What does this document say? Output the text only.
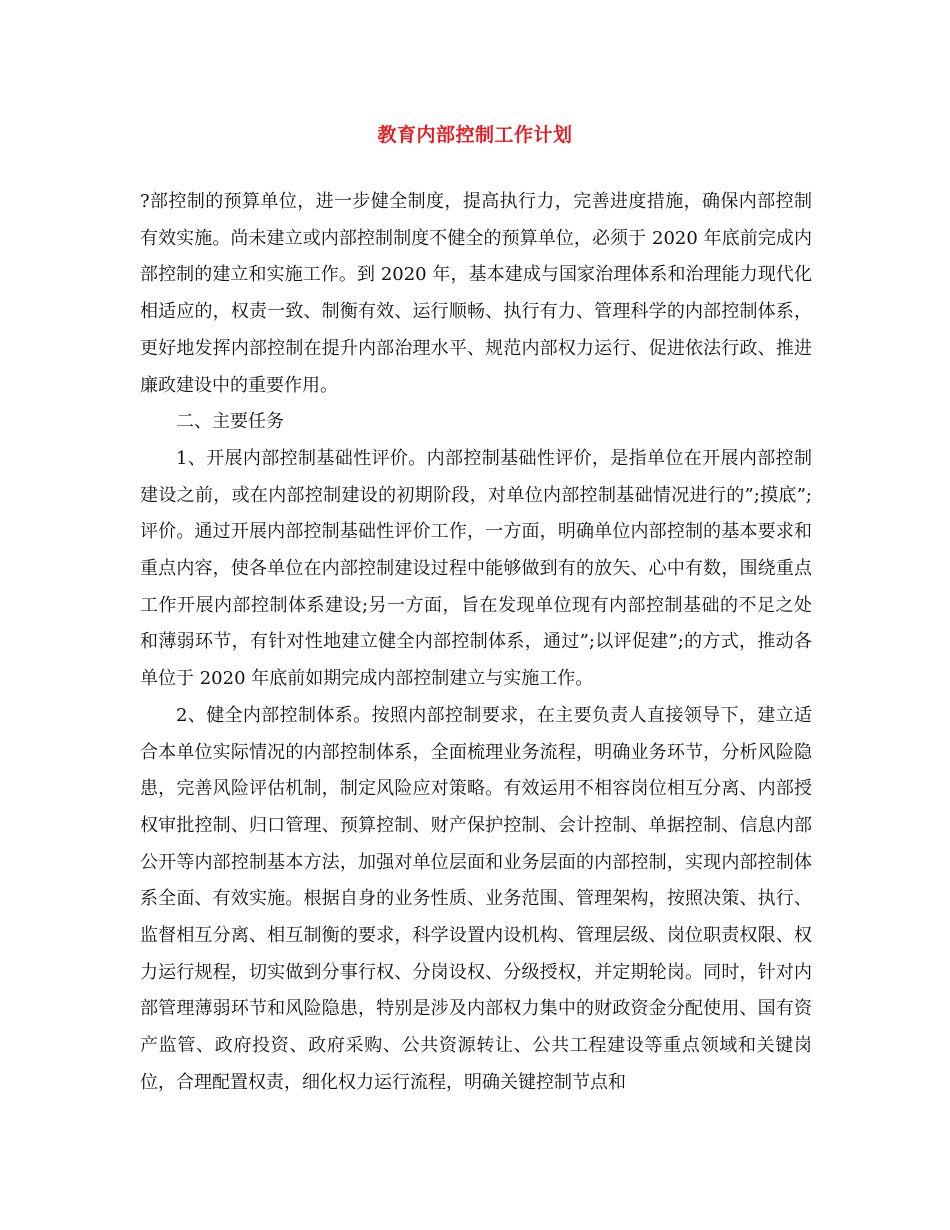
教育内部控制工作计划

?部控制的预算单位，进一步健全制度，提高执行力，完善进度措施，确保内部控制有效实施。尚未建立或内部控制制度不健全的预算单位，必须于 2020 年底前完成内部控制的建立和实施工作。到 2020 年，基本建成与国家治理体系和治理能力现代化相适应的，权责一致、制衡有效、运行顺畅、执行有力、管理科学的内部控制体系，更好地发挥内部控制在提升内部治理水平、规范内部权力运行、促进依法行政、推进廉政建设中的重要作用。

二、主要任务

1、开展内部控制基础性评价。内部控制基础性评价，是指单位在开展内部控制建设之前，或在内部控制建设的初期阶段，对单位内部控制基础情况进行的”;摸底”;评价。通过开展内部控制基础性评价工作，一方面，明确单位内部控制的基本要求和重点内容，使各单位在内部控制建设过程中能够做到有的放矢、心中有数，围绕重点工作开展内部控制体系建设;另一方面，旨在发现单位现有内部控制基础的不足之处和薄弱环节，有针对性地建立健全内部控制体系，通过”;以评促建”;的方式，推动各单位于 2020 年底前如期完成内部控制建立与实施工作。

2、健全内部控制体系。按照内部控制要求，在主要负责人直接领导下，建立适合本单位实际情况的内部控制体系，全面梳理业务流程，明确业务环节，分析风险隐患，完善风险评估机制，制定风险应对策略。有效运用不相容岗位相互分离、内部授权审批控制、归口管理、预算控制、财产保护控制、会计控制、单据控制、信息内部公开等内部控制基本方法，加强对单位层面和业务层面的内部控制，实现内部控制体系全面、有效实施。根据自身的业务性质、业务范围、管理架构，按照决策、执行、监督相互分离、相互制衡的要求，科学设置内设机构、管理层级、岗位职责权限、权力运行规程，切实做到分事行权、分岗设权、分级授权，并定期轮岗。同时，针对内部管理薄弱环节和风险隐患，特别是涉及内部权力集中的财政资金分配使用、国有资产监管、政府投资、政府采购、公共资源转让、公共工程建设等重点领域和关键岗位，合理配置权责，细化权力运行流程，明确关键控制节点和
